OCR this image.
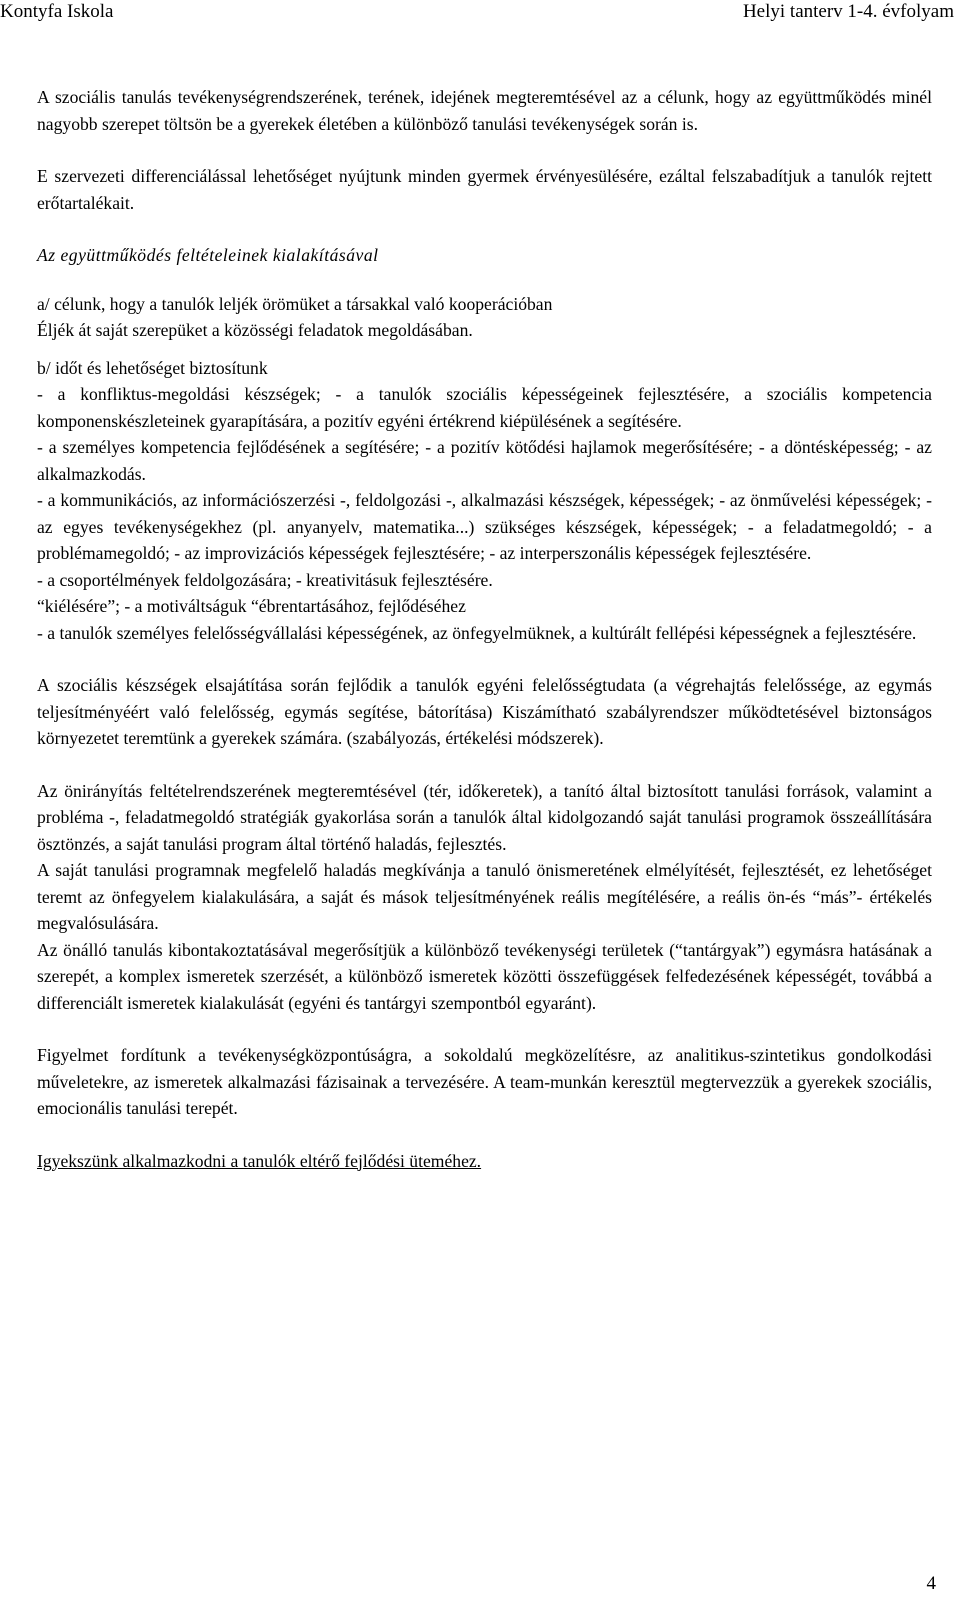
Kontyfa Iskola	Helyi tanterv 1-4. évfolyam

A szociális tanulás tevékenységrendszerének, terének, idejének megteremtésével az a célunk, hogy az együttműködés minél nagyobb szerepet töltsön be a gyerekek életében a különböző tanulási tevékenységek során is.

E szervezeti differenciálással lehetőséget nyújtunk minden gyermek érvényesülésére, ezáltal felszabadítjuk a tanulók rejtett erőtartalékait.

Az együttműködés feltételeinek kialakításával

a/ célunk, hogy a tanulók leljék örömüket a társakkal való kooperációban

Éljék át saját szerepüket a közösségi feladatok megoldásában.

b/ időt és lehetőséget biztosítunk

- a konfliktus-megoldási készségek; - a tanulók szociális képességeinek fejlesztésére, a szociális kompetencia komponenskészleteinek gyarapítására, a pozitív egyéni értékrend kiépülésének a segítésére.

- a személyes kompetencia fejlődésének a segítésére; - a pozitív kötődési hajlamok megerősítésére; - a döntésképesség; - az alkalmazkodás.

- a kommunikációs, az információszerzési -, feldolgozási -, alkalmazási készségek, képességek; - az önművelési képességek; - az egyes tevékenységekhez (pl. anyanyelv, matematika...) szükséges készségek, képességek; - a feladatmegoldó; - a problémamegoldó; - az improvizációs képességek fejlesztésére; - az interperszonális képességek fejlesztésére.

- a csoportélmények feldolgozására; - kreativitásuk fejlesztésére.

“kiélésére”; - a motiváltságuk “ébrentartásához, fejlődéséhez

- a tanulók személyes felelősségvállalási képességének, az önfegyelmüknek, a kultúrált fellépési képességnek a fejlesztésére.

A szociális készségek elsajátítása során fejlődik a tanulók egyéni felelősségtudata (a végrehajtás felelőssége, az egymás teljesítményéért való felelősség, egymás segítése, bátorítása) Kiszámítható szabályrendszer működtetésével biztonságos környezetet teremtünk a gyerekek számára. (szabályozás, értékelési módszerek).

Az önirányítás feltételrendszerének megteremtésével (tér, időkeretek), a tanító által biztosított tanulási források, valamint a probléma -, feladatmegoldó stratégiák gyakorlása során a tanulók által kidolgozandó saját tanulási programok összeállítására ösztönzés, a saját tanulási program által történő haladás, fejlesztés.

A saját tanulási programnak megfelelő haladás megkívánja a tanuló önismeretének elmélyítését, fejlesztését, ez lehetőséget teremt az önfegyelem kialakulására, a saját és mások teljesítményének reális megítélésére, a reális ön-és “más”- értékelés megvalósulására.

Az önálló tanulás kibontakoztatásával megerősítjük a különböző tevékenységi területek (“tantárgyak”) egymásra hatásának a szerepét, a komplex ismeretek szerzését, a különböző ismeretek közötti összefüggések felfedezésének képességét, továbbá a differenciált ismeretek kialakulását (egyéni és tantárgyi szempontból egyaránt).

Figyelmet fordítunk a tevékenységközpontúságra, a sokoldalú megközelítésre, az analitikus-szintetikus gondolkodási műveletekre, az ismeretek alkalmazási fázisainak a tervezésére. A team-munkán keresztül megtervezzük a gyerekek szociális, emocionális tanulási terepét.

Igyekszünk alkalmazkodni a tanulók eltérő fejlődési üteméhez.

4
